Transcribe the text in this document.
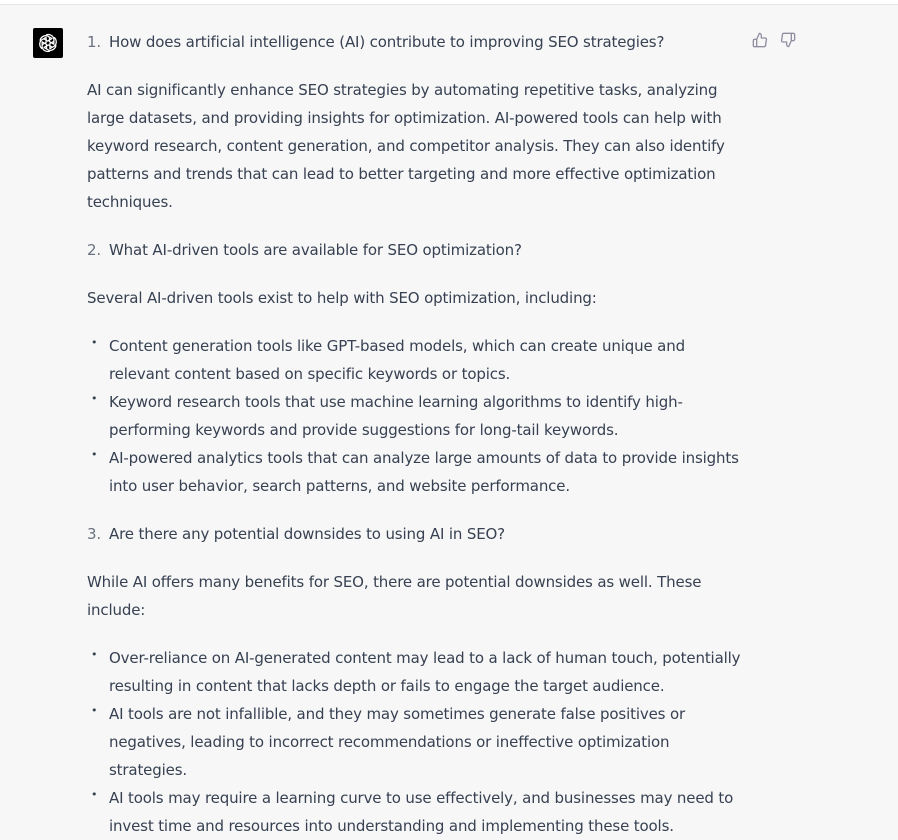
1. How does artificial intelligence (AI) contribute to improving SEO strategies?

AI can significantly enhance SEO strategies by automating repetitive tasks, analyzing large datasets, and providing insights for optimization. AI-powered tools can help with keyword research, content generation, and competitor analysis. They can also identify patterns and trends that can lead to better targeting and more effective optimization techniques.

2. What AI-driven tools are available for SEO optimization?

Several AI-driven tools exist to help with SEO optimization, including:

• Content generation tools like GPT-based models, which can create unique and relevant content based on specific keywords or topics.
• Keyword research tools that use machine learning algorithms to identify high-performing keywords and provide suggestions for long-tail keywords.
• AI-powered analytics tools that can analyze large amounts of data to provide insights into user behavior, search patterns, and website performance.
3. Are there any potential downsides to using AI in SEO?

While AI offers many benefits for SEO, there are potential downsides as well. These include:

• Over-reliance on AI-generated content may lead to a lack of human touch, potentially resulting in content that lacks depth or fails to engage the target audience.
• AI tools are not infallible, and they may sometimes generate false positives or negatives, leading to incorrect recommendations or ineffective optimization strategies.
• AI tools may require a learning curve to use effectively, and businesses may need to invest time and resources into understanding and implementing these tools.
